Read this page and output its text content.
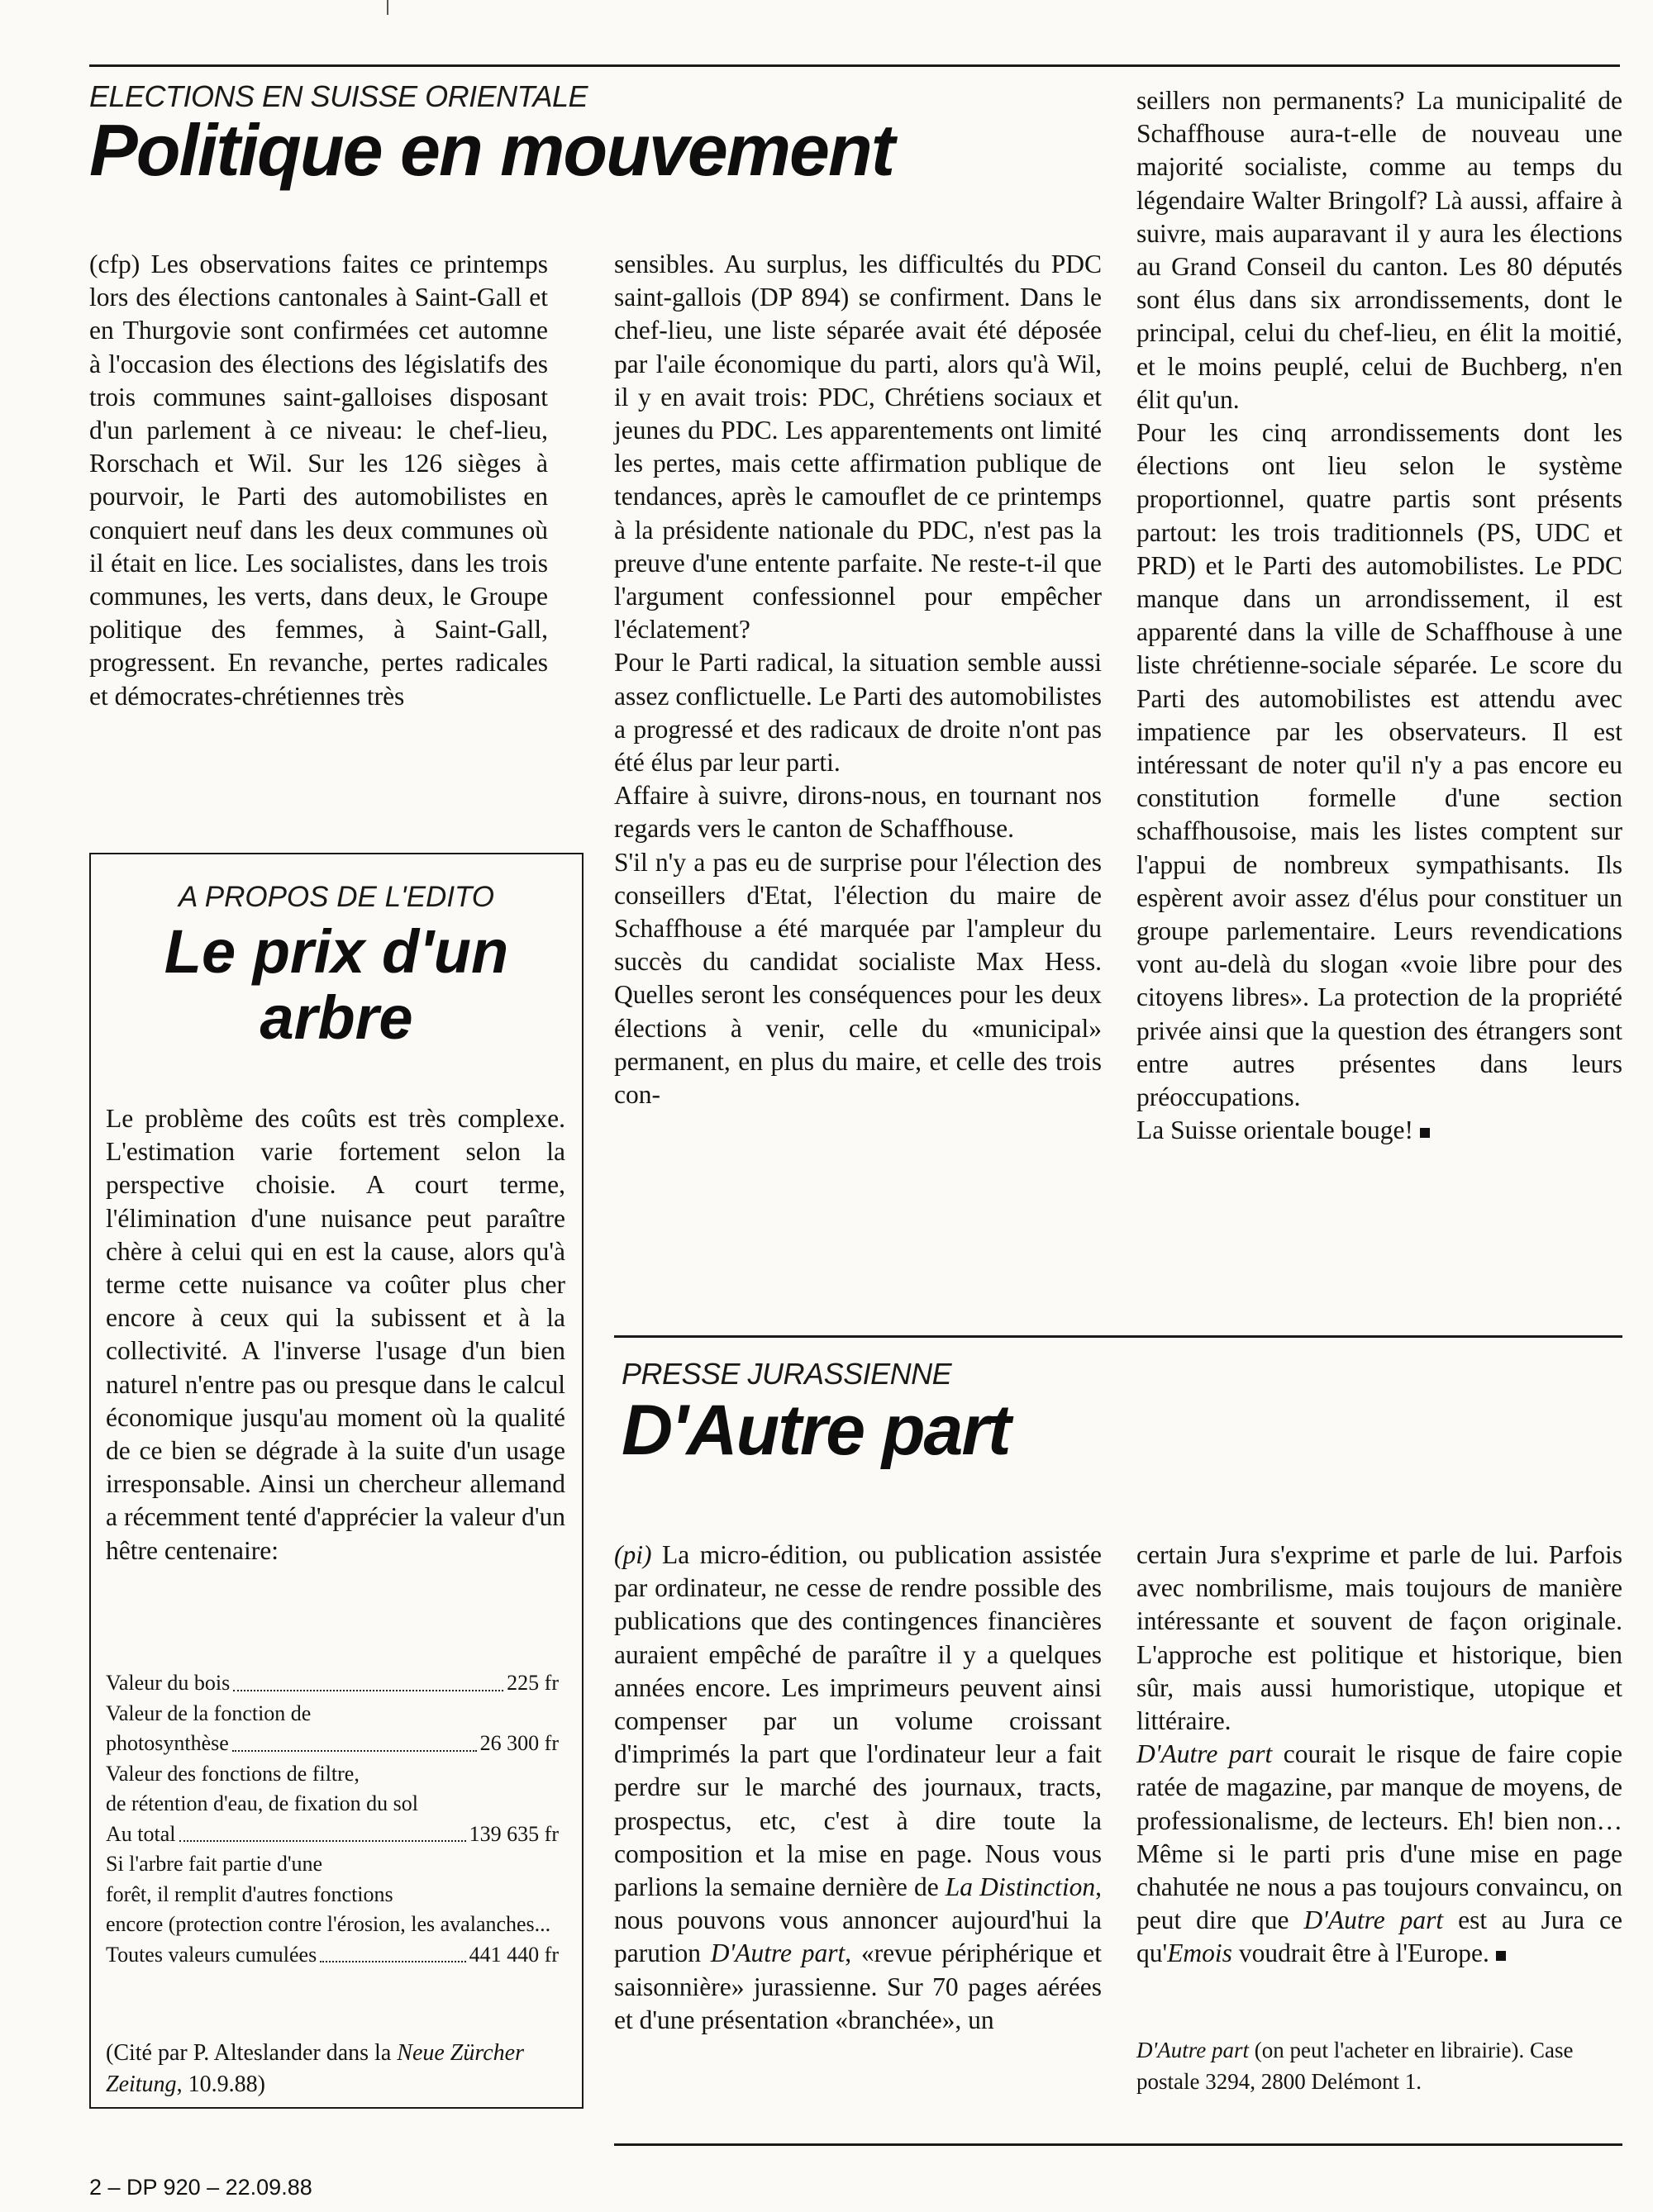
ELECTIONS EN SUISSE ORIENTALE
Politique en mouvement

(cfp) Les observations faites ce printemps lors des élections cantonales à Saint-Gall et en Thurgovie sont confirmées cet automne à l'occasion des élections des législatifs des trois communes saint-galloises disposant d'un parlement à ce niveau: le chef-lieu, Rorschach et Wil. Sur les 126 sièges à pourvoir, le Parti des automobilistes en conquiert neuf dans les deux communes où il était en lice. Les socialistes, dans les trois communes, les verts, dans deux, le Groupe politique des femmes, à Saint-Gall, progressent. En revanche, pertes radicales et démocrates-chrétiennes très

sensibles. Au surplus, les difficultés du PDC saint-gallois (DP 894) se confirment. Dans le chef-lieu, une liste séparée avait été déposée par l'aile économique du parti, alors qu'à Wil, il y en avait trois: PDC, Chrétiens sociaux et jeunes du PDC. Les apparentements ont limité les pertes, mais cette affirmation publique de tendances, après le camouflet de ce printemps à la présidente nationale du PDC, n'est pas la preuve d'une entente parfaite. Ne reste-t-il que l'argument confessionnel pour empêcher l'éclatement?

Pour le Parti radical, la situation semble aussi assez conflictuelle. Le Parti des automobilistes a progressé et des radicaux de droite n'ont pas été élus par leur parti.

Affaire à suivre, dirons-nous, en tournant nos regards vers le canton de Schaffhouse.

S'il n'y a pas eu de surprise pour l'élection des conseillers d'Etat, l'élection du maire de Schaffhouse a été marquée par l'ampleur du succès du candidat socialiste Max Hess. Quelles seront les conséquences pour les deux élections à venir, celle du «municipal» permanent, en plus du maire, et celle des trois con-

seillers non permanents? La municipalité de Schaffhouse aura-t-elle de nouveau une majorité socialiste, comme au temps du légendaire Walter Bringolf? Là aussi, affaire à suivre, mais auparavant il y aura les élections au Grand Conseil du canton. Les 80 députés sont élus dans six arrondissements, dont le principal, celui du chef-lieu, en élit la moitié, et le moins peuplé, celui de Buchberg, n'en élit qu'un.

Pour les cinq arrondissements dont les élections ont lieu selon le système proportionnel, quatre partis sont présents partout: les trois traditionnels (PS, UDC et PRD) et le Parti des automobilistes. Le PDC manque dans un arrondissement, il est apparenté dans la ville de Schaffhouse à une liste chrétienne-sociale séparée. Le score du Parti des automobilistes est attendu avec impatience par les observateurs. Il est intéressant de noter qu'il n'y a pas encore eu constitution formelle d'une section schaffhousoise, mais les listes comptent sur l'appui de nombreux sympathisants. Ils espèrent avoir assez d'élus pour constituer un groupe parlementaire. Leurs revendications vont au-delà du slogan «voie libre pour des citoyens libres». La protection de la propriété privée ainsi que la question des étrangers sont entre autres présentes dans leurs préoccupations.

La Suisse orientale bouge!

A PROPOS DE L'EDITO
Le prix d'un
arbre
Le problème des coûts est très complexe. L'estimation varie fortement selon la perspective choisie. A court terme, l'élimination d'une nuisance peut paraître chère à celui qui en est la cause, alors qu'à terme cette nuisance va coûter plus cher encore à ceux qui la subissent et à la collectivité. A l'inverse l'usage d'un bien naturel n'entre pas ou presque dans le calcul économique jusqu'au moment où la qualité de ce bien se dégrade à la suite d'un usage irresponsable. Ainsi un chercheur allemand a récemment tenté d'apprécier la valeur d'un hêtre centenaire:
Valeur du bois	225 fr
Valeur de la fonction de
photosynthèse	26 300 fr
Valeur des fonctions de filtre,
de rétention d'eau, de fixation du sol
Au total	139 635 fr
Si l'arbre fait partie d'une
forêt, il remplit d'autres fonctions
encore (protection contre l'érosion, les avalanches...
Toutes valeurs cumulées	441 440 fr
(Cité par P. Alteslander dans la Neue Zürcher Zeitung, 10.9.88)
PRESSE JURASSIENNE
D'Autre part

(pi) La micro-édition, ou publication assistée par ordinateur, ne cesse de rendre possible des publications que des contingences financières auraient empêché de paraître il y a quelques années encore. Les imprimeurs peuvent ainsi compenser par un volume croissant d'imprimés la part que l'ordinateur leur a fait perdre sur le marché des journaux, tracts, prospectus, etc, c'est à dire toute la composition et la mise en page. Nous vous parlions la semaine dernière de La Distinction, nous pouvons vous annoncer aujourd'hui la parution D'Autre part, «revue périphérique et saisonnière» jurassienne. Sur 70 pages aérées et d'une présentation «branchée», un

certain Jura s'exprime et parle de lui. Parfois avec nombrilisme, mais toujours de manière intéressante et souvent de façon originale. L'approche est politique et historique, bien sûr, mais aussi humoristique, utopique et littéraire.

D'Autre part courait le risque de faire copie ratée de magazine, par manque de moyens, de professionalisme, de lecteurs. Eh! bien non… Même si le parti pris d'une mise en page chahutée ne nous a pas toujours convaincu, on peut dire que D'Autre part est au Jura ce qu'Emois voudrait être à l'Europe.

D'Autre part (on peut l'acheter en librairie). Case postale 3294, 2800 Delémont 1.
2 – DP 920 – 22.09.88
